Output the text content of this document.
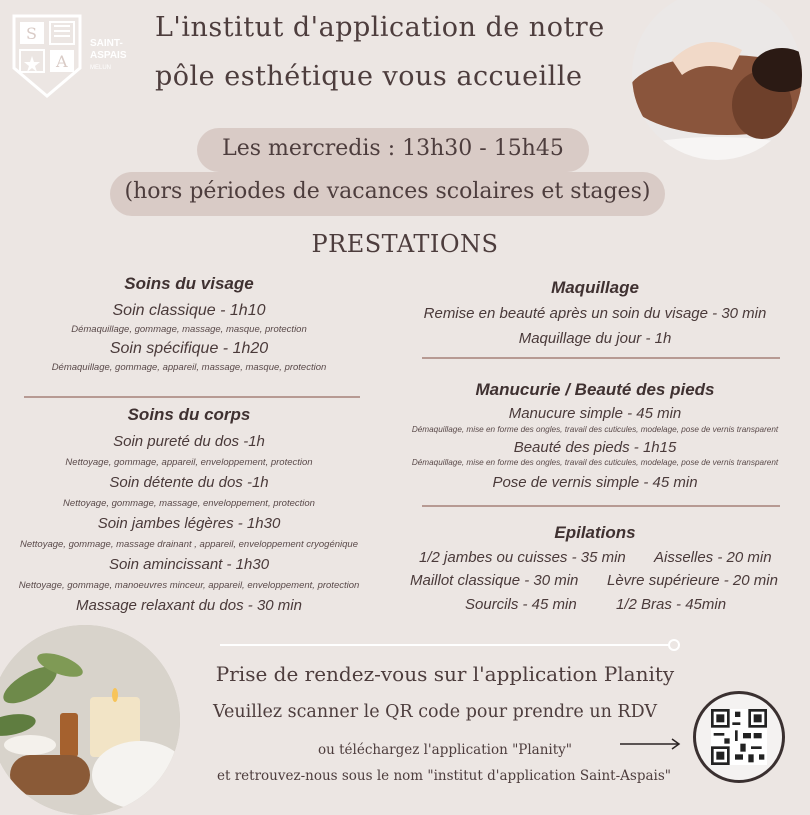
S
A
SAINT-
ASPAIS
MELUN
L'institut d'application de notre
pôle esthétique vous accueille
Les mercredis : 13h30 - 15h45
(hors périodes de vacances scolaires et stages)
PRESTATIONS
Soins du visage
Soin classique - 1h10
Démaquillage, gommage, massage, masque, protection
Soin spécifique - 1h20
Démaquillage, gommage, appareil, massage, masque, protection
Soins du corps
Soin pureté du dos -1h
Nettoyage, gommage, appareil, enveloppement, protection
Soin détente du dos -1h
Nettoyage, gommage, massage, enveloppement, protection
Soin jambes légères - 1h30
Nettoyage, gommage, massage drainant , appareil, enveloppement cryogénique
Soin amincissant - 1h30
Nettoyage, gommage, manoeuvres minceur, appareil, enveloppement, protection
Massage relaxant du dos - 30 min
Maquillage
Remise en beauté après un soin du visage - 30 min
Maquillage du jour - 1h
Manucurie / Beauté des pieds
Manucure simple - 45 min
Démaquillage, mise en forme des ongles, travail des cuticules, modelage, pose de vernis transparent
Beauté des pieds - 1h15
Démaquillage, mise en forme des ongles, travail des cuticules, modelage, pose de vernis transparent
Pose de vernis simple - 45 min
Epilations
1/2 jambes ou cuisses - 35 min Aisselles - 20 min
Maillot classique - 30 min Lèvre supérieure - 20 min
Sourcils - 45 min	1/2 Bras - 45min
Prise de rendez-vous sur l'application Planity
Veuillez scanner le QR code pour prendre un RDV
ou téléchargez l'application "Planity"
et retrouvez-nous sous le nom "institut d'application Saint-Aspais"
